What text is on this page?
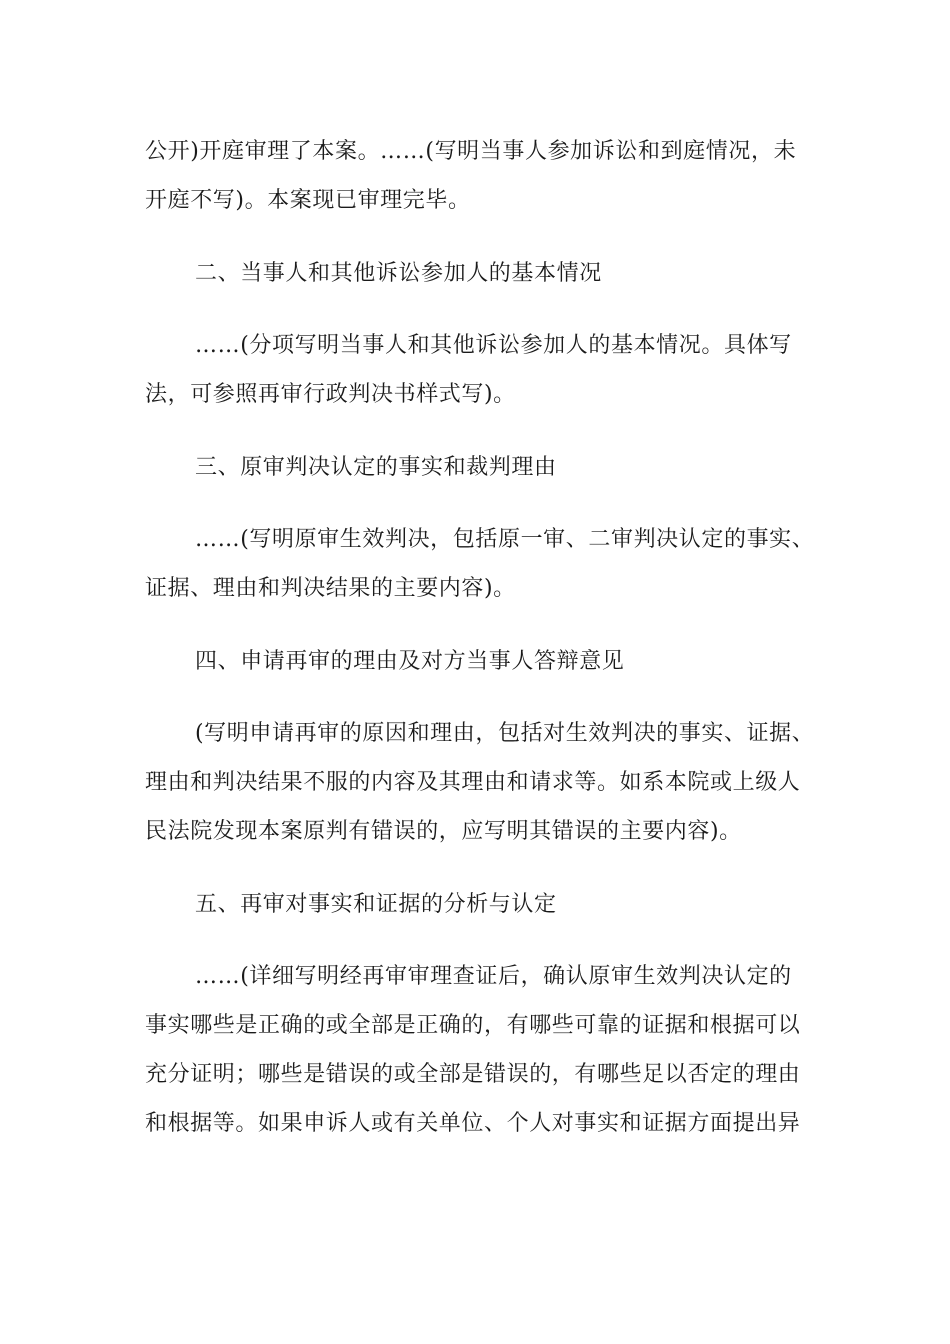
公开)开庭审理了本案。……(写明当事人参加诉讼和到庭情况，未
开庭不写)。本案现已审理完毕。
二、当事人和其他诉讼参加人的基本情况
……(分项写明当事人和其他诉讼参加人的基本情况。具体写
法，可参照再审行政判决书样式写)。
三、原审判决认定的事实和裁判理由
……(写明原审生效判决，包括原一审、二审判决认定的事实、
证据、理由和判决结果的主要内容)。
四、申请再审的理由及对方当事人答辩意见
(写明申请再审的原因和理由，包括对生效判决的事实、证据、
理由和判决结果不服的内容及其理由和请求等。如系本院或上级人
民法院发现本案原判有错误的，应写明其错误的主要内容)。
五、再审对事实和证据的分析与认定
……(详细写明经再审审理查证后，确认原审生效判决认定的
事实哪些是正确的或全部是正确的，有哪些可靠的证据和根据可以
充分证明；哪些是错误的或全部是错误的，有哪些足以否定的理由
和根据等。如果申诉人或有关单位、个人对事实和证据方面提出异
